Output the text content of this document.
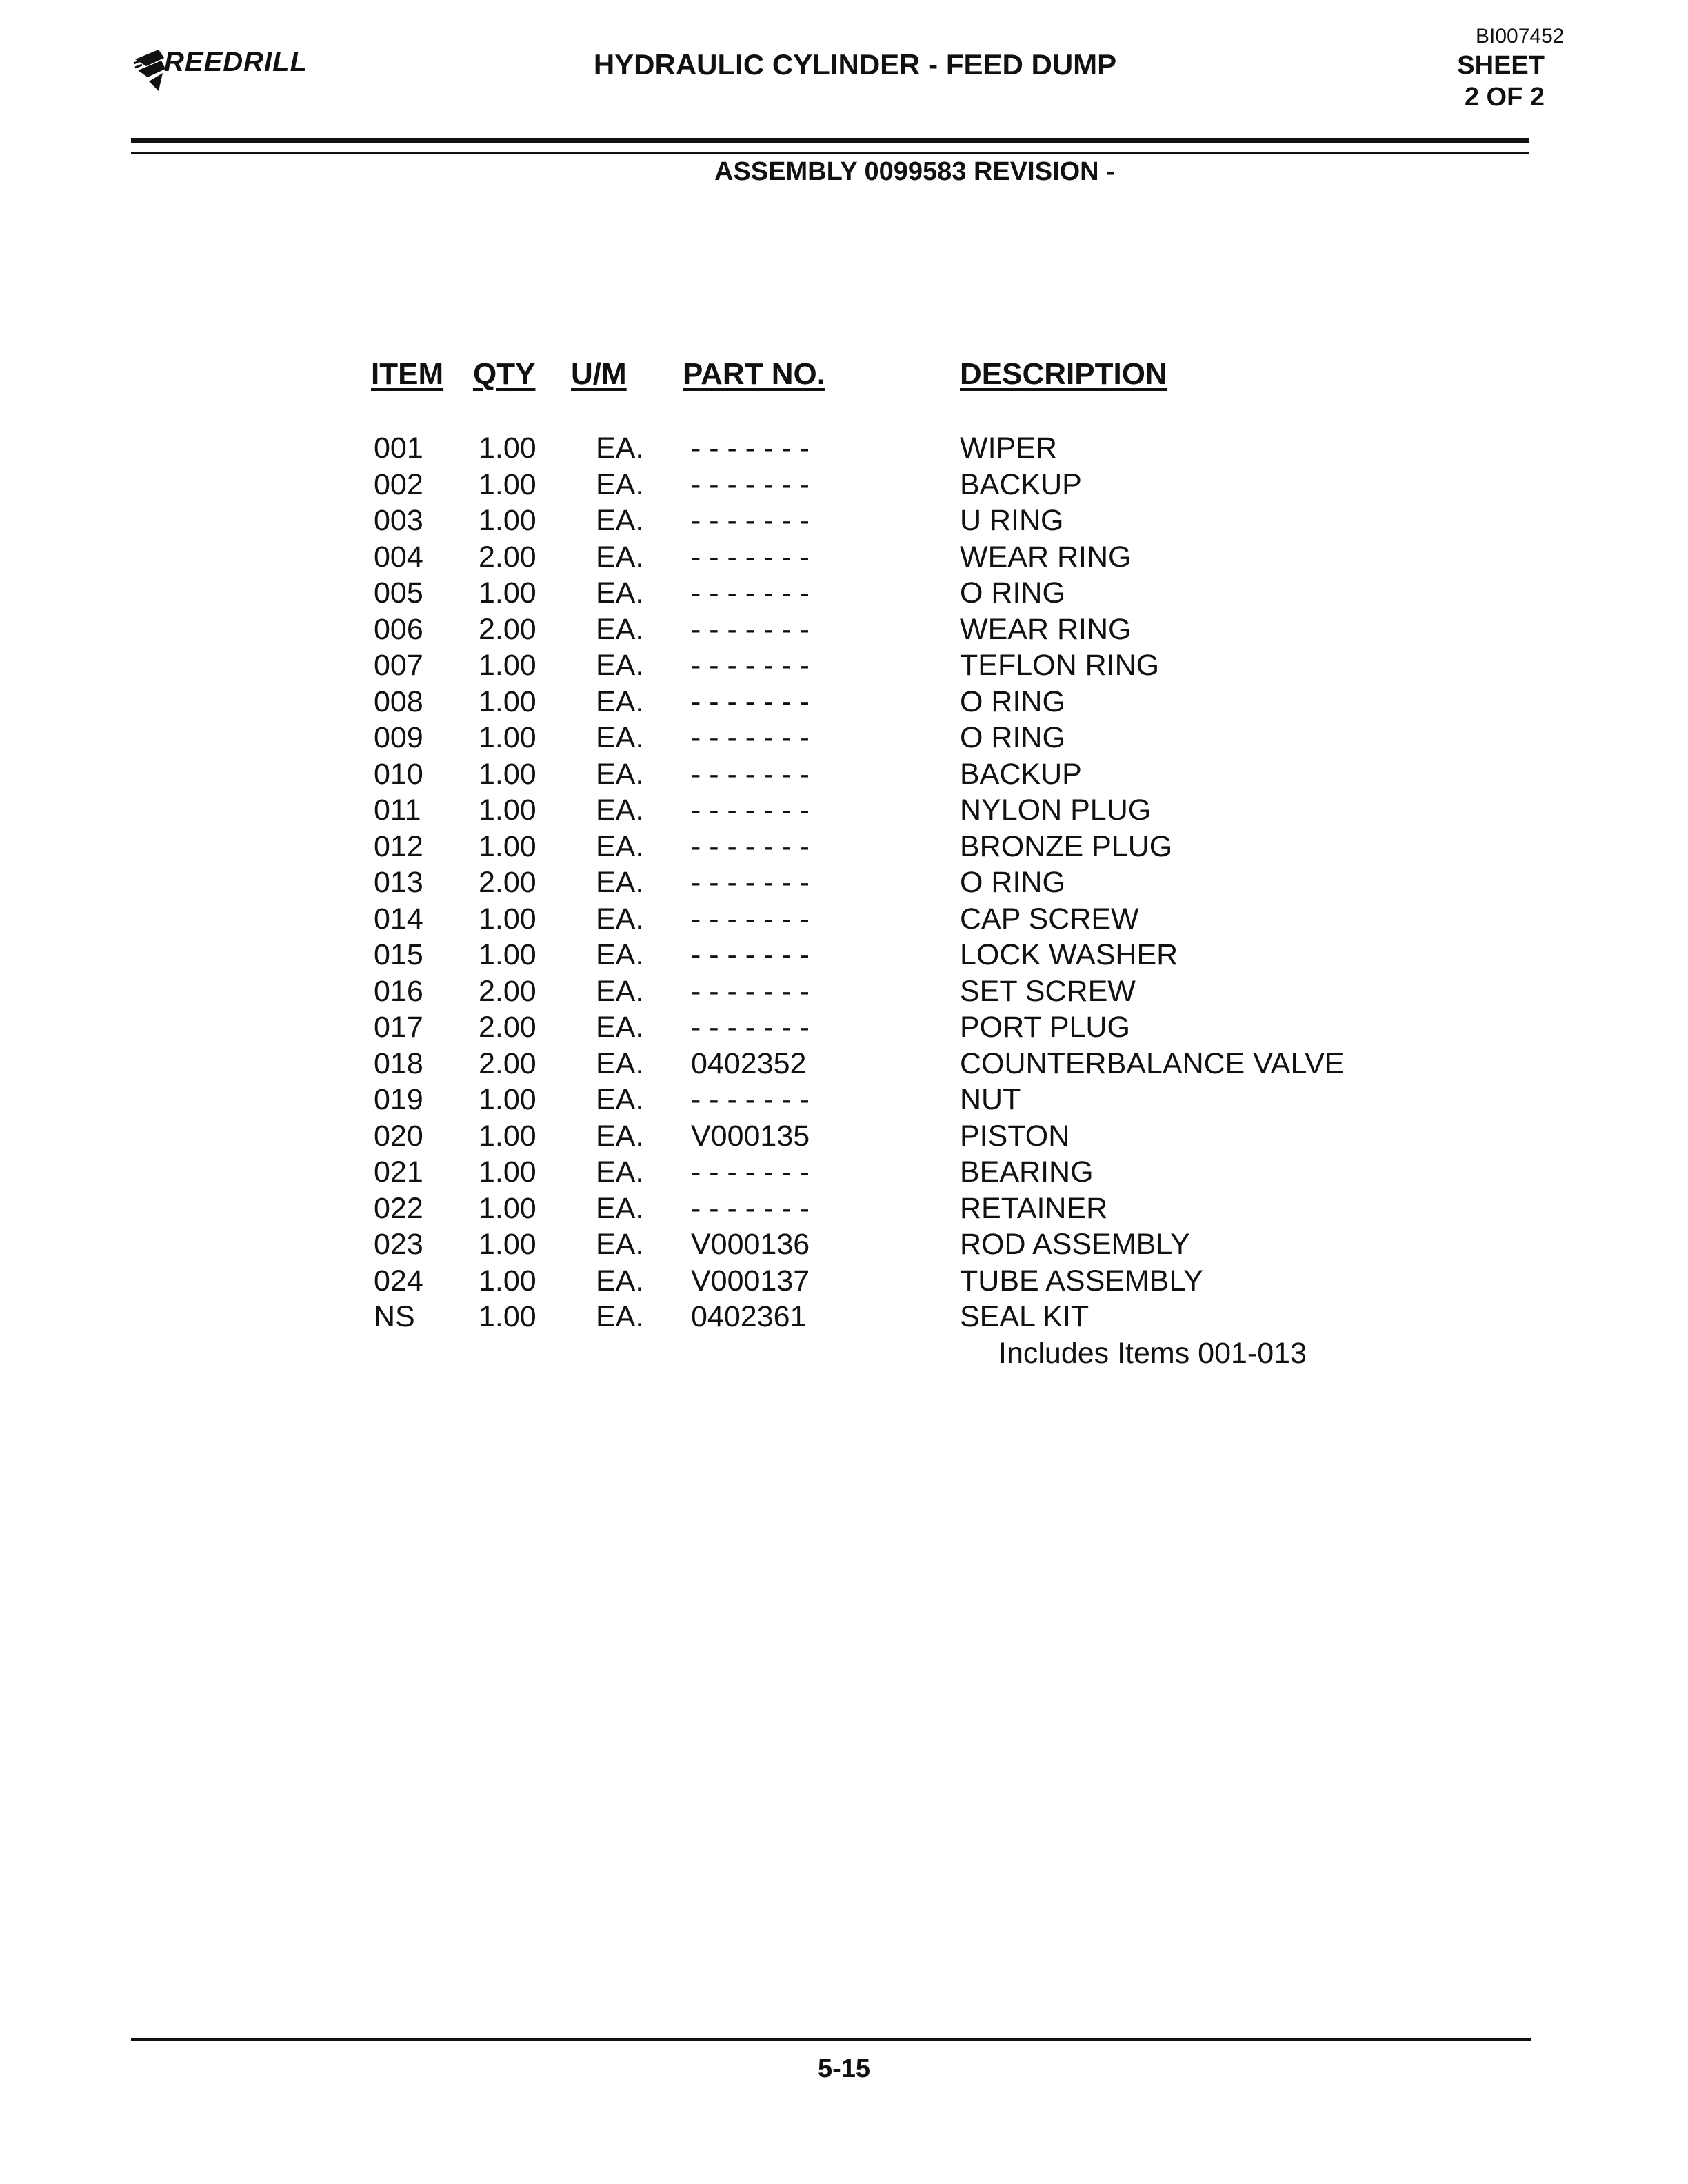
REEDRILL	HYDRAULIC CYLINDER - FEED DUMP
BI007452
SHEET
2 OF 2
ASSEMBLY 0099583 REVISION -
ITEM QTY U/M PART NO.	DESCRIPTION
001 1.00 EA. - - - - - - -	WIPER
002 1.00 EA. - - - - - - -	BACKUP
003 1.00 EA. - - - - - - -	U RING
004 2.00 EA. - - - - - - -	WEAR RING
005 1.00 EA. - - - - - - -	O RING
006 2.00 EA. - - - - - - -	WEAR RING
007 1.00 EA. - - - - - - -	TEFLON RING
008 1.00 EA. - - - - - - -	O RING
009 1.00 EA. - - - - - - -	O RING
010 1.00 EA. - - - - - - -	BACKUP
011 1.00 EA. - - - - - - -	NYLON PLUG
012 1.00 EA. - - - - - - -	BRONZE PLUG
013 2.00 EA. - - - - - - -	O RING
014 1.00 EA. - - - - - - -	CAP SCREW
015 1.00 EA. - - - - - - -	LOCK WASHER
016 2.00 EA. - - - - - - -	SET SCREW
017 2.00 EA. - - - - - - -	PORT PLUG
018 2.00 EA. 0402352	COUNTERBALANCE VALVE
019 1.00 EA. - - - - - - -	NUT
020 1.00 EA. V000135	PISTON
021 1.00 EA. - - - - - - -	BEARING
022 1.00 EA. - - - - - - -	RETAINER
023 1.00 EA. V000136	ROD ASSEMBLY
024 1.00 EA. V000137	TUBE ASSEMBLY
NS 1.00 EA. 0402361	SEAL KIT
Includes Items 001-013
5-15
